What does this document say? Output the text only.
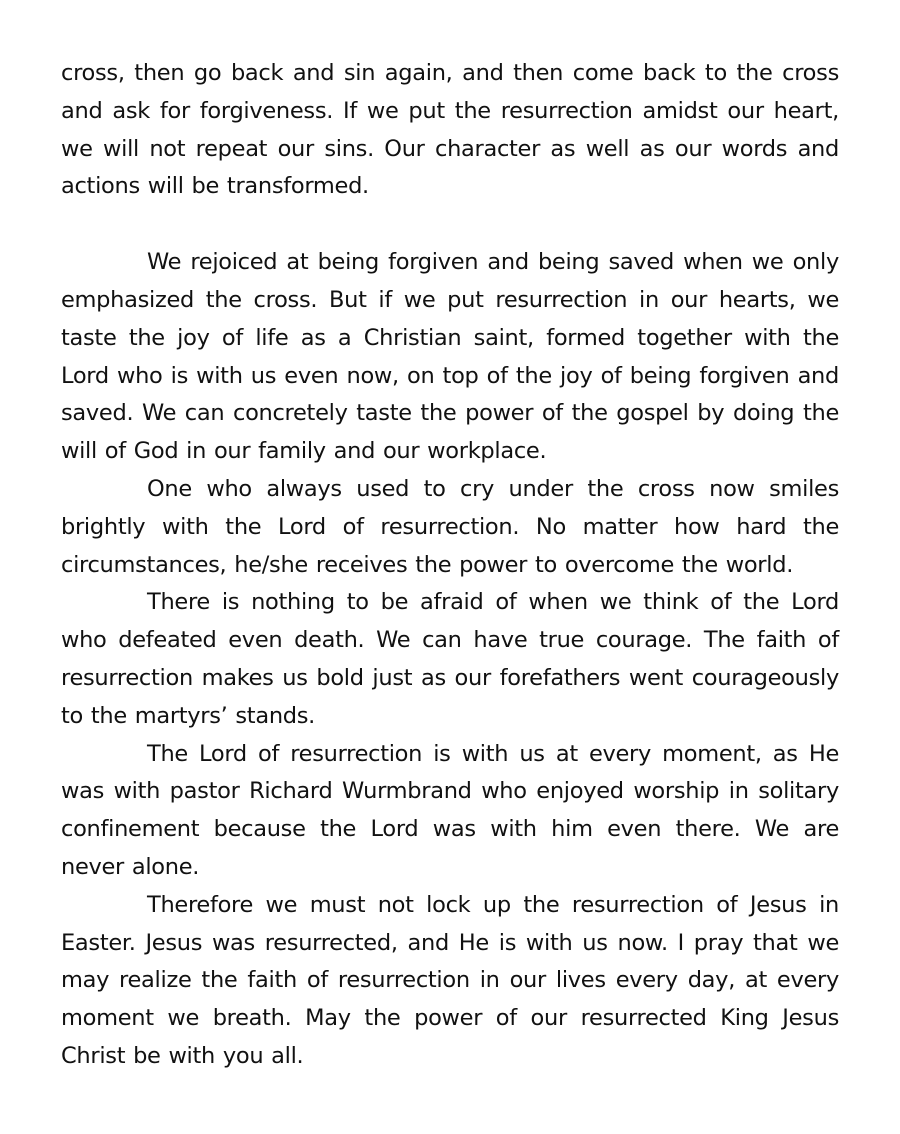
cross, then go back and sin again, and then come back to the cross and ask for forgiveness. If we put the resurrection amidst our heart, we will not repeat our sins. Our character as well as our words and actions will be transformed.

We rejoiced at being forgiven and being saved when we only emphasized the cross. But if we put resurrection in our hearts, we taste the joy of life as a Christian saint, formed together with the Lord who is with us even now, on top of the joy of being forgiven and saved. We can concretely taste the power of the gospel by doing the will of God in our family and our workplace.

One who always used to cry under the cross now smiles brightly with the Lord of resurrection. No matter how hard the circumstances, he/she receives the power to overcome the world.

There is nothing to be afraid of when we think of the Lord who defeated even death. We can have true courage. The faith of resurrection makes us bold just as our forefathers went courageously to the martyrs’ stands.

The Lord of resurrection is with us at every moment, as He was with pastor Richard Wurmbrand who enjoyed worship in solitary confinement because the Lord was with him even there. We are never alone.

Therefore we must not lock up the resurrection of Jesus in Easter. Jesus was resurrected, and He is with us now. I pray that we may realize the faith of resurrection in our lives every day, at every moment we breath. May the power of our resurrected King Jesus Christ be with you all.
